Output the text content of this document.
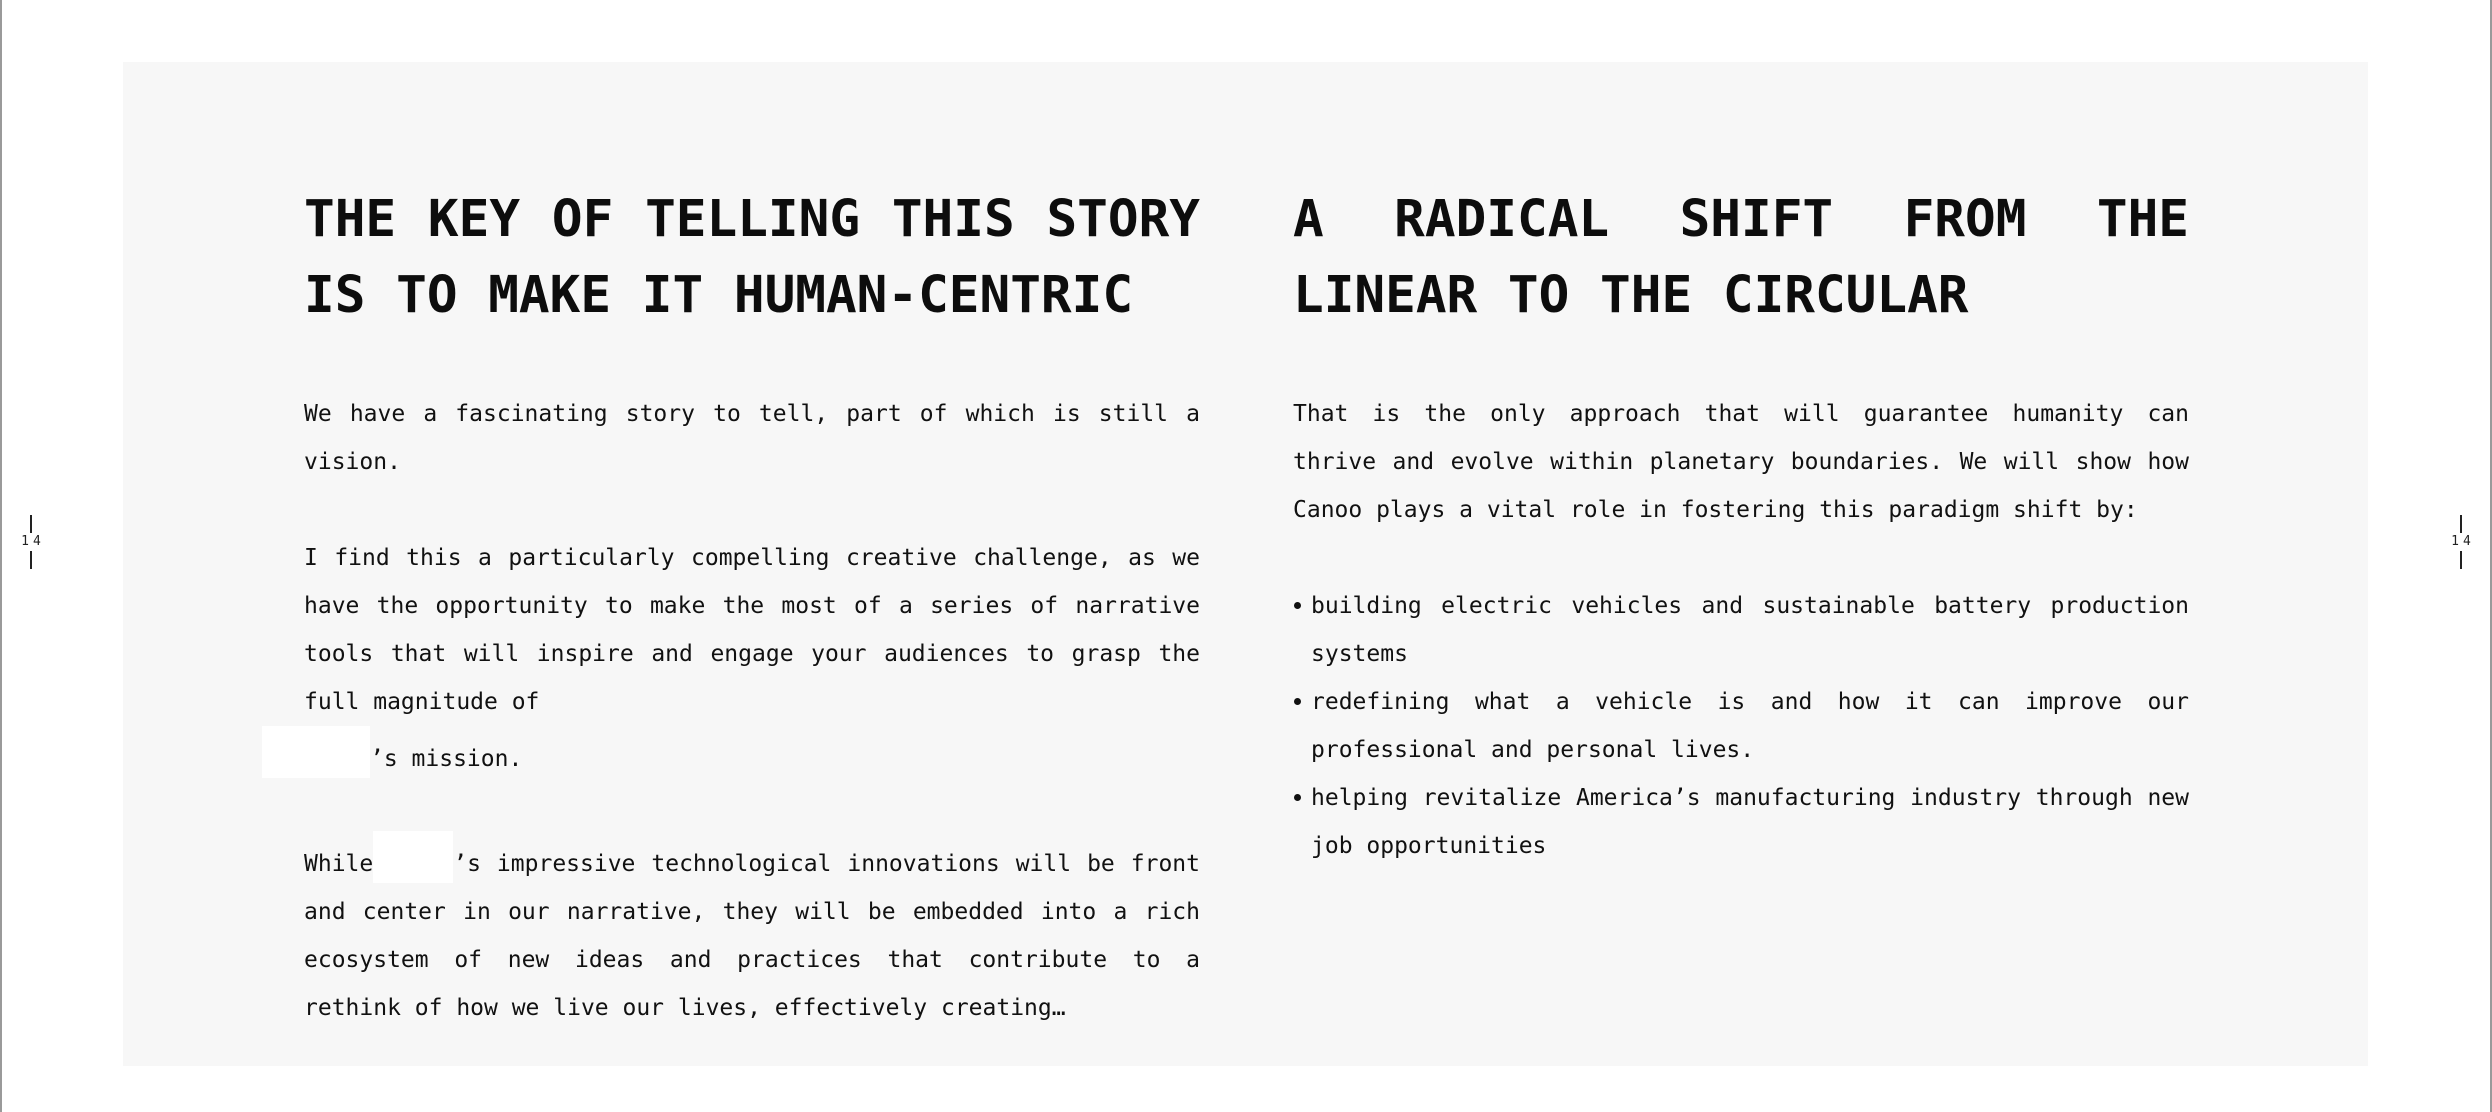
14	14
THE KEY OF TELLING THIS STORY IS TO MAKE IT HUMAN-CENTRIC

We have a fascinating story to tell, part of which is still a vision.

I find this a particularly compelling creative challenge, as we have the opportunity to make the most of a series of narrative tools that will inspire and engage your audiences to grasp the full magnitude of
’s mission.

While	’s impressive technological innovations will be front and center in our narrative, they will be embedded into a rich ecosystem of new ideas and practices that contribute to a rethink of how we live our lives, effectively creating…

A RADICAL SHIFT FROM THE LINEAR TO THE CIRCULAR

That is the only approach that will guarantee humanity can thrive and evolve within planetary boundaries. We will show how Canoo plays a vital role in fostering this paradigm shift by:

building electric vehicles and sustainable battery production systems
redefining what a vehicle is and how it can improve our professional and personal lives.
helping revitalize America’s manufacturing industry through new job opportunities
